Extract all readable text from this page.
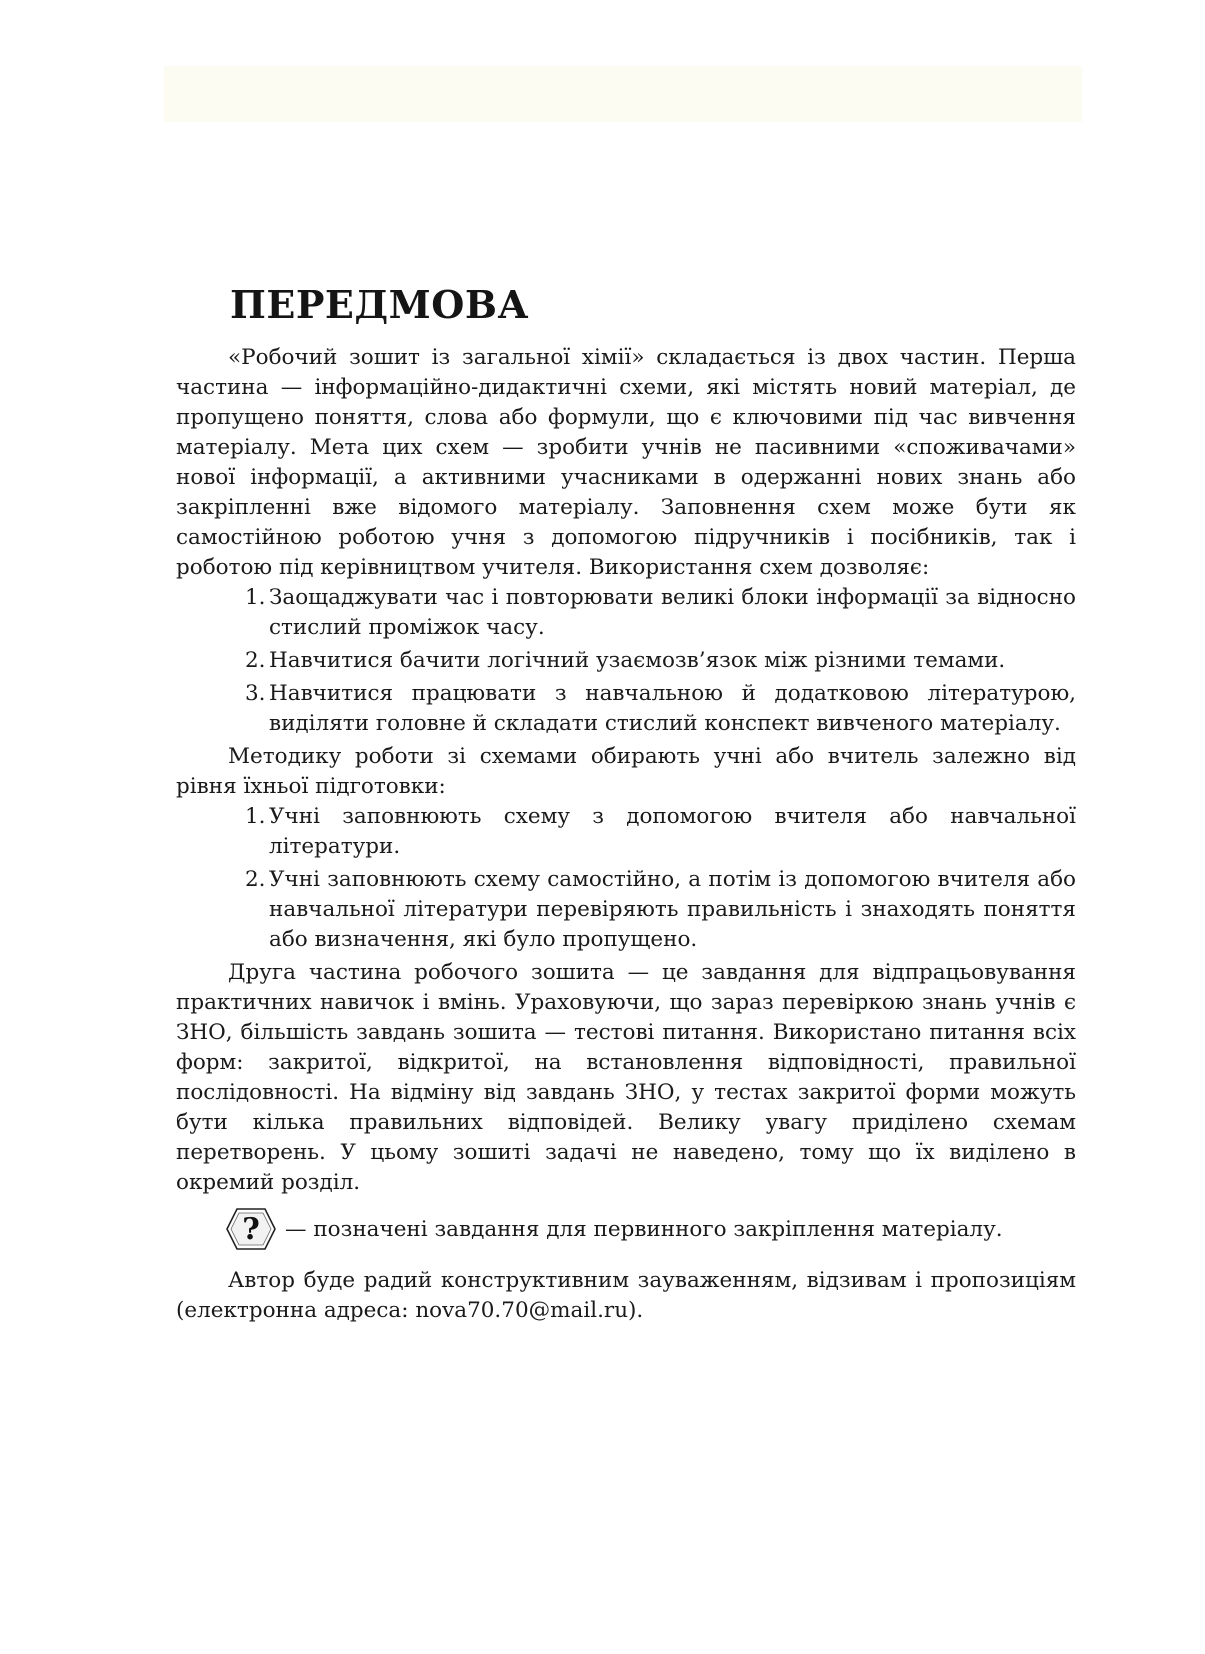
ПЕРЕДМОВА

«Робочий зошит із загальної хімії» складається із двох частин. Перша частина — інформаційно-дидактичні схеми, які містять новий матеріал, де пропущено поняття, слова або формули, що є ключовими під час вивчення матеріалу. Мета цих схем — зробити учнів не пасивними «споживачами» нової інформації, а активними учасниками в одержанні нових знань або закріпленні вже відомого матеріалу. Заповнення схем може бути як самостійною роботою учня з допомогою підручників і посібників, так і роботою під керівництвом учителя. Використання схем дозволяє:

1. Заощаджувати час і повторювати великі блоки інформації за відносно стислий проміжок часу.
2. Навчитися бачити логічний узаємозв’язок між різними темами.
3. Навчитися працювати з навчальною й додатковою літературою, виділяти головне й складати стислий конспект вивченого матеріалу.

Методику роботи зі схемами обирають учні або вчитель залежно від рівня їхньої підготовки:

1. Учні заповнюють схему з допомогою вчителя або навчальної літератури.
2. Учні заповнюють схему самостійно, а потім із допомогою вчителя або навчальної літератури перевіряють правильність і знаходять поняття або визначення, які було пропущено.

Друга частина робочого зошита — це завдання для відпрацьовування практичних навичок і вмінь. Ураховуючи, що зараз перевіркою знань учнів є ЗНО, більшість завдань зошита — тестові питання. Використано питання всіх форм: закритої, відкритої, на встановлення відповідності, правильної послідовності. На відміну від завдань ЗНО, у тестах закритої форми можуть бути кілька правильних відповідей. Велику увагу приділено схемам перетворень. У цьому зошиті задачі не наведено, тому що їх виділено в окремий розділ.

?	— позначені завдання для первинного закріплення матеріалу.

Автор буде радий конструктивним зауваженням, відзивам і пропозиціям (електронна адреса: nova70.70@mail.ru).
